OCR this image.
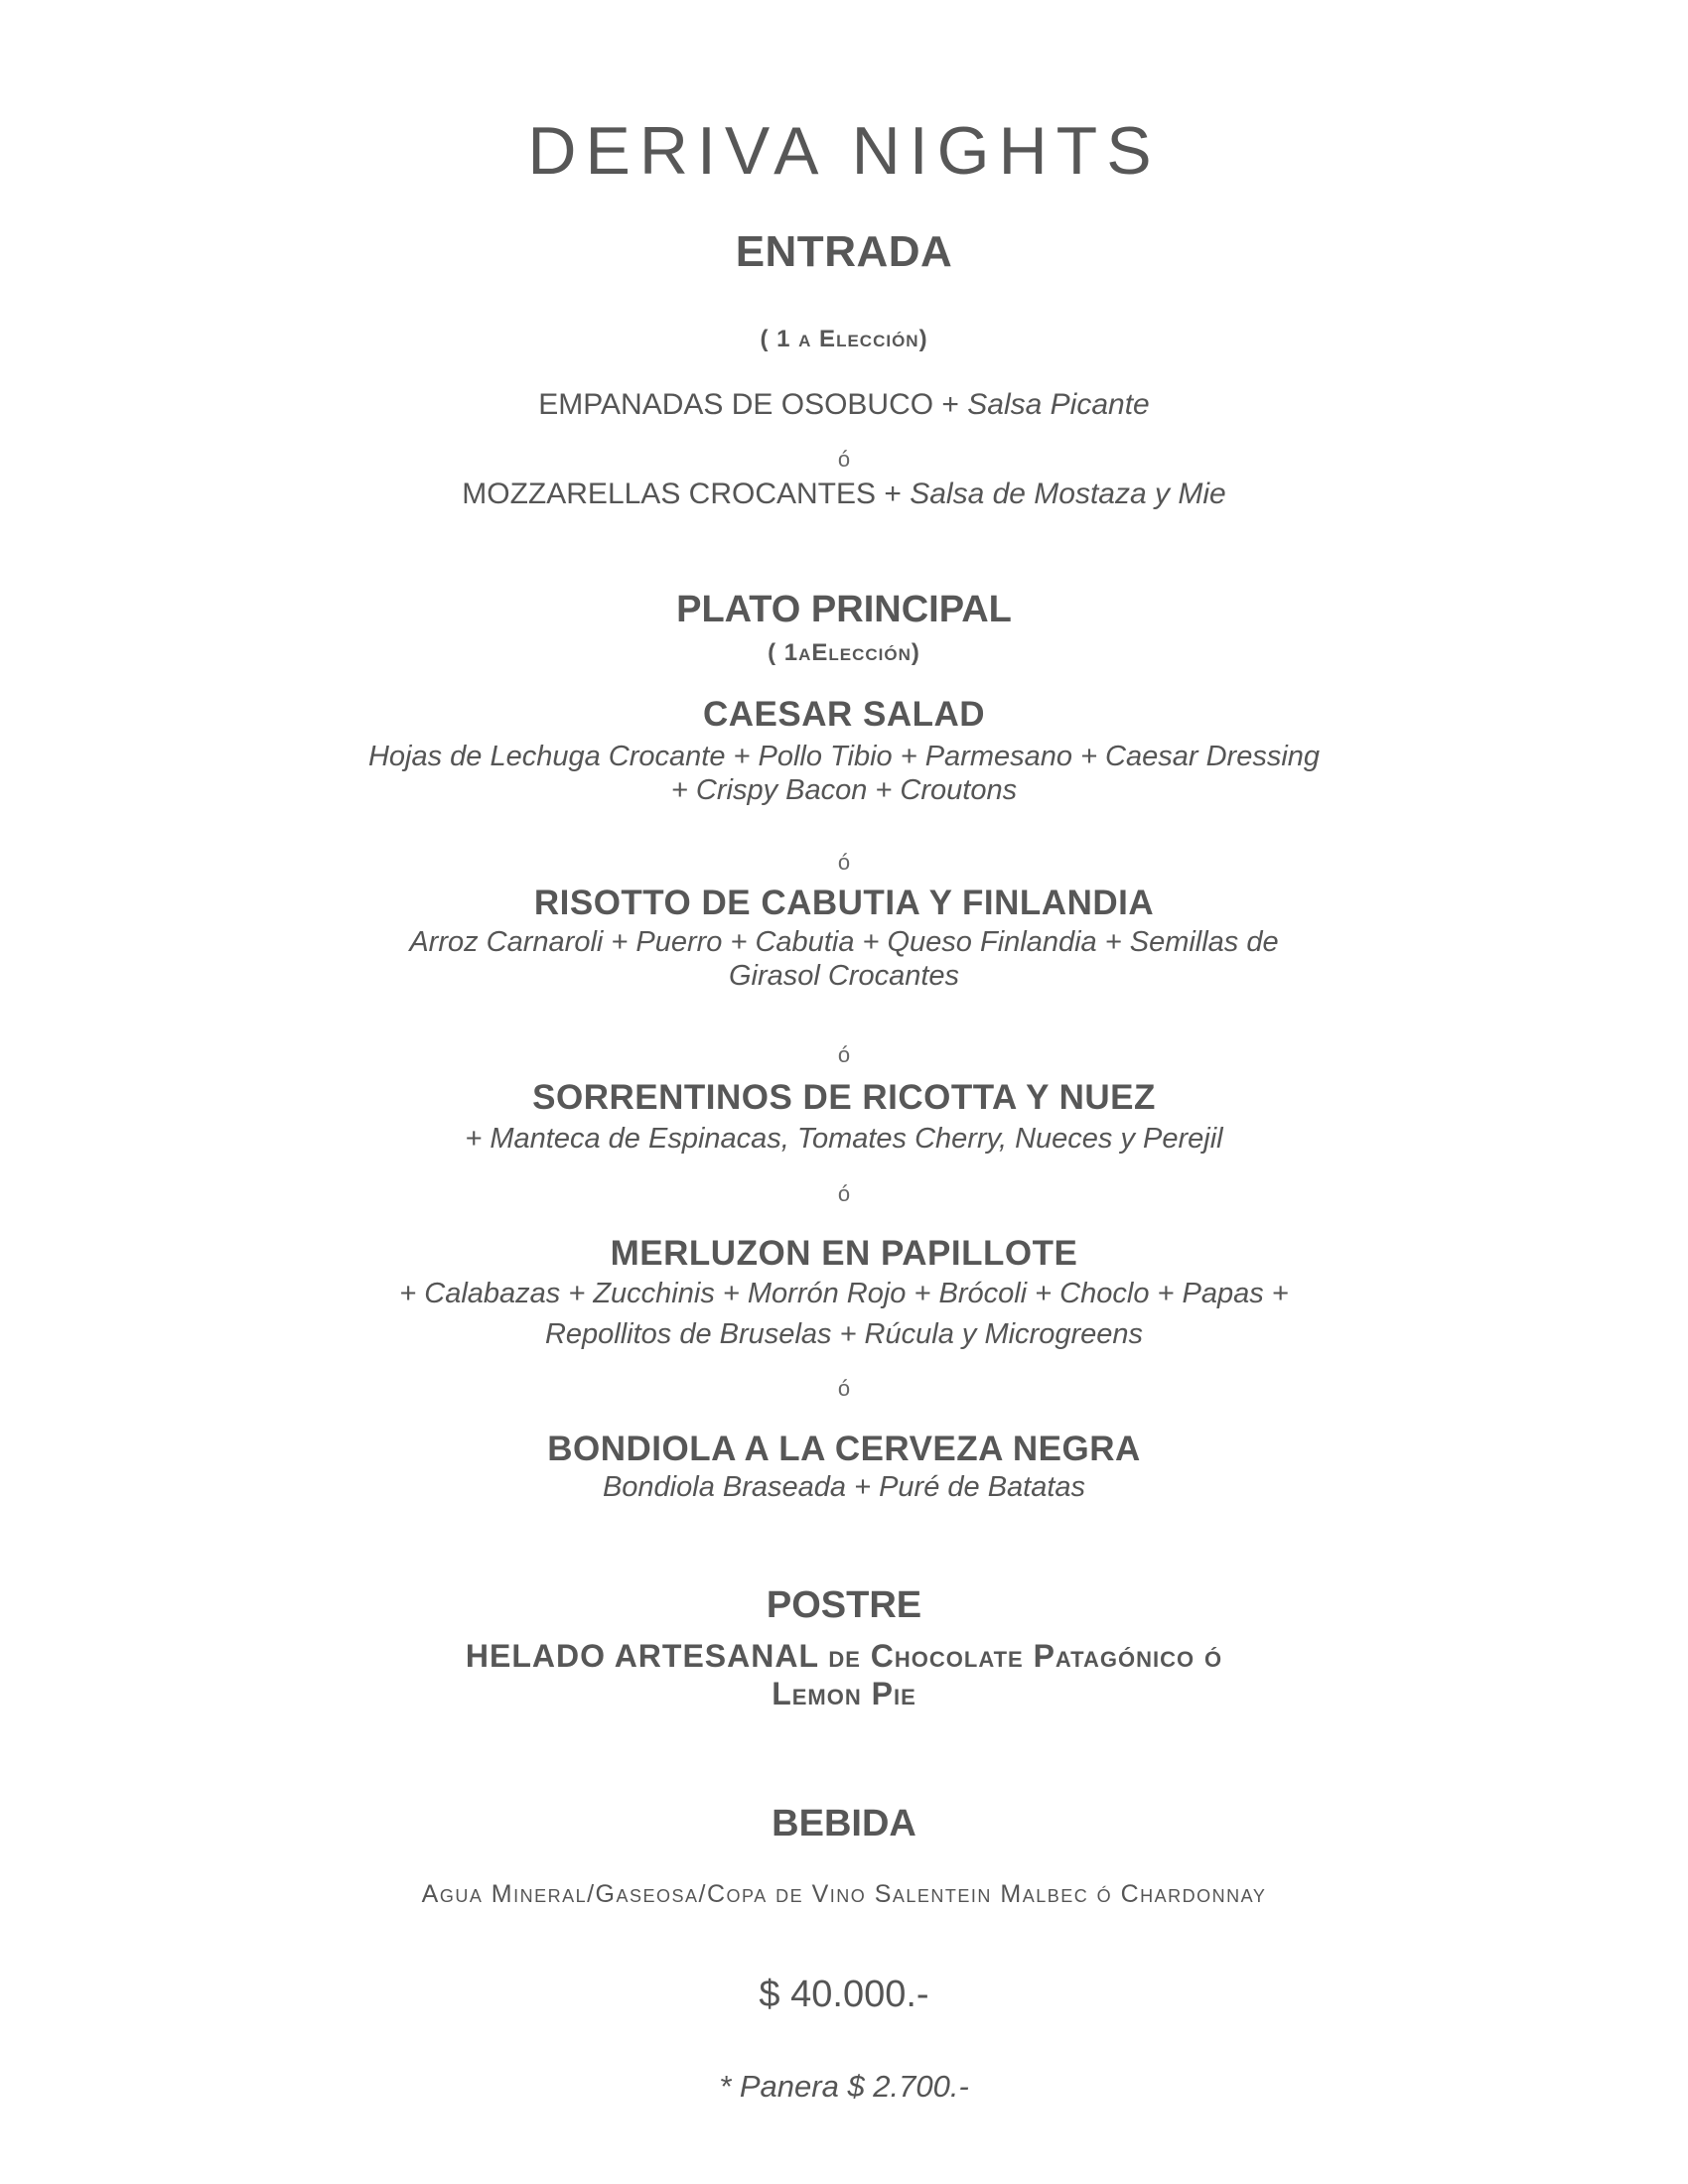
DERIVA NIGHTS
ENTRADA
( 1 a Elección)
EMPANADAS DE OSOBUCO + Salsa Picante
ó
MOZZARELLAS CROCANTES + Salsa de Mostaza y Mie
PLATO PRINCIPAL
( 1aElección)
CAESAR SALAD
Hojas de Lechuga Crocante + Pollo Tibio + Parmesano + Caesar Dressing
+ Crispy Bacon + Croutons
ó
RISOTTO DE CABUTIA Y FINLANDIA
Arroz Carnaroli + Puerro + Cabutia + Queso Finlandia + Semillas de
Girasol Crocantes
ó
SORRENTINOS DE RICOTTA Y NUEZ
+ Manteca de Espinacas, Tomates Cherry, Nueces y Perejil
ó
MERLUZON EN PAPILLOTE
+ Calabazas + Zucchinis + Morrón Rojo + Brócoli + Choclo + Papas +
Repollitos de Bruselas + Rúcula y Microgreens
ó
BONDIOLA A LA CERVEZA NEGRA
Bondiola Braseada + Puré de Batatas
POSTRE
HELADO ARTESANAL de Chocolate Patagónico ó
Lemon Pie
BEBIDA
Agua Mineral/Gaseosa/Copa de Vino Salentein Malbec ó Chardonnay
$ 40.000.-
* Panera $ 2.700.-
